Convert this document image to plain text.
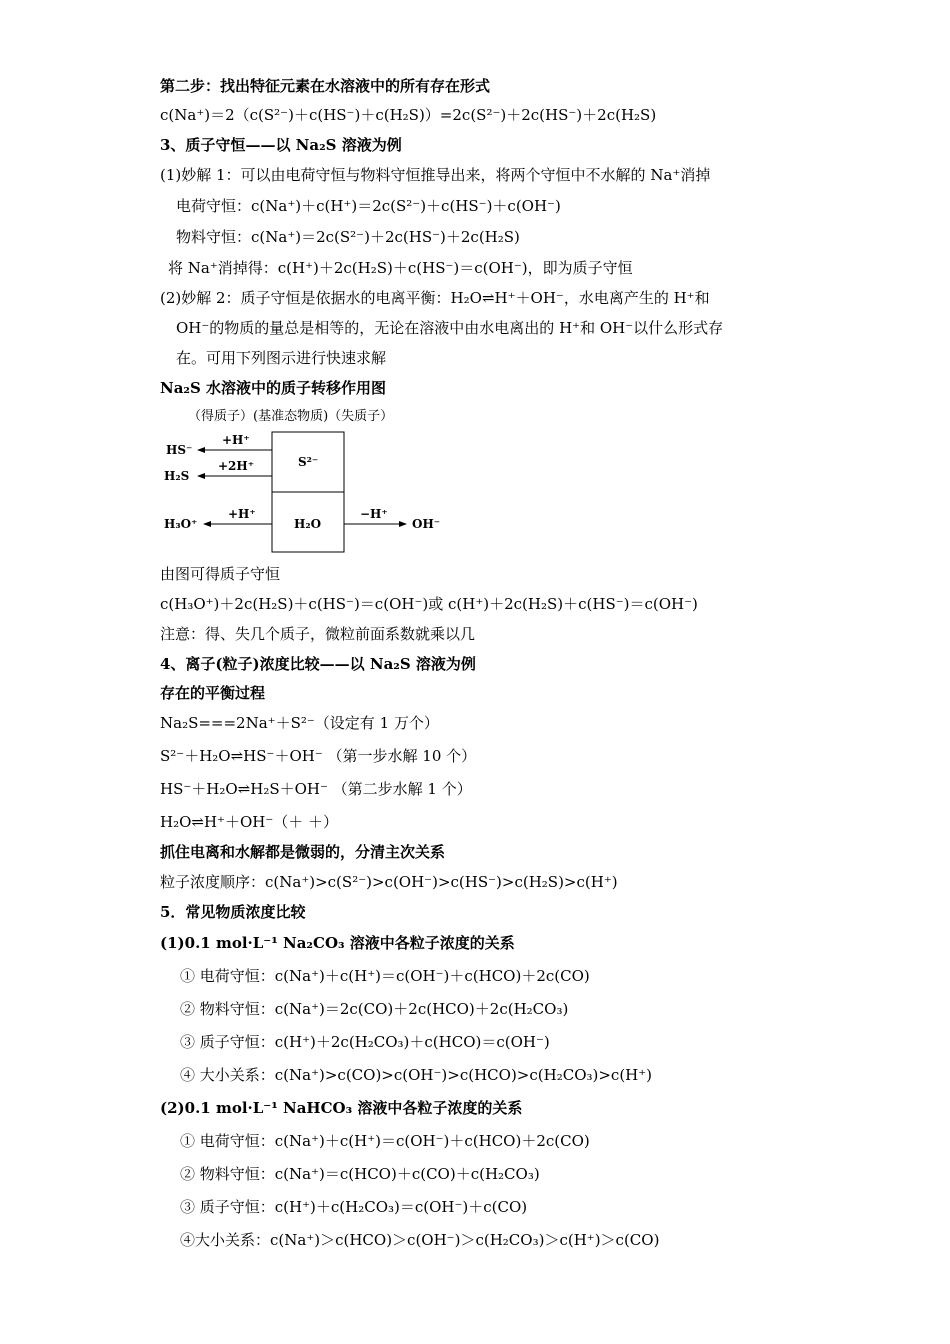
第二步：找出特征元素在水溶液中的所有存在形式
c(Na⁺)＝2（c(S²⁻)＋c(HS⁻)＋c(H₂S)）=2c(S²⁻)＋2c(HS⁻)＋2c(H₂S)
3、质子守恒——以 Na₂S 溶液为例
(1)妙解 1：可以由电荷守恒与物料守恒推导出来，将两个守恒中不水解的 Na⁺消掉
电荷守恒：c(Na⁺)＋c(H⁺)＝2c(S²⁻)＋c(HS⁻)＋c(OH⁻)
物料守恒：c(Na⁺)＝2c(S²⁻)＋2c(HS⁻)＋2c(H₂S)
将 Na⁺消掉得：c(H⁺)＋2c(H₂S)＋c(HS⁻)＝c(OH⁻)，即为质子守恒
(2)妙解 2：质子守恒是依据水的电离平衡：H₂O⇌H⁺＋OH⁻，水电离产生的 H⁺和
OH⁻的物质的量总是相等的，无论在溶液中由水电离出的 H⁺和 OH⁻以什么形式存
在。可用下列图示进行快速求解
Na₂S 水溶液中的质子转移作用图
（得质子）(基准态物质)（失质子）
S²⁻
H₂O
+H⁺
HS⁻
+2H⁺
H₂S
+H⁺
H₃O⁺
−H⁺
OH⁻
由图可得质子守恒
c(H₃O⁺)＋2c(H₂S)＋c(HS⁻)＝c(OH⁻)或 c(H⁺)＋2c(H₂S)＋c(HS⁻)＝c(OH⁻)
注意：得、失几个质子，微粒前面系数就乘以几
4、离子(粒子)浓度比较——以 Na₂S 溶液为例
存在的平衡过程
Na₂S===2Na⁺＋S²⁻（设定有 1 万个）
S²⁻＋H₂O⇌HS⁻＋OH⁻ （第一步水解 10 个）
HS⁻＋H₂O⇌H₂S＋OH⁻ （第二步水解 1 个）
H₂O⇌H⁺＋OH⁻（＋ ＋）
抓住电离和水解都是微弱的，分清主次关系
粒子浓度顺序：c(Na⁺)>c(S²⁻)>c(OH⁻)>c(HS⁻)>c(H₂S)>c(H⁺)
5．常见物质浓度比较
(1)0.1 mol·L⁻¹ Na₂CO₃ 溶液中各粒子浓度的关系
① 电荷守恒：c(Na⁺)＋c(H⁺)＝c(OH⁻)＋c(HCO)＋2c(CO)
② 物料守恒：c(Na⁺)＝2c(CO)＋2c(HCO)＋2c(H₂CO₃)
③ 质子守恒：c(H⁺)＋2c(H₂CO₃)＋c(HCO)＝c(OH⁻)
④ 大小关系：c(Na⁺)>c(CO)>c(OH⁻)>c(HCO)>c(H₂CO₃)>c(H⁺)
(2)0.1 mol·L⁻¹ NaHCO₃ 溶液中各粒子浓度的关系
① 电荷守恒：c(Na⁺)＋c(H⁺)＝c(OH⁻)＋c(HCO)＋2c(CO)
② 物料守恒：c(Na⁺)＝c(HCO)＋c(CO)＋c(H₂CO₃)
③ 质子守恒：c(H⁺)＋c(H₂CO₃)＝c(OH⁻)＋c(CO)
④大小关系：c(Na⁺)＞c(HCO)＞c(OH⁻)＞c(H₂CO₃)＞c(H⁺)＞c(CO)
